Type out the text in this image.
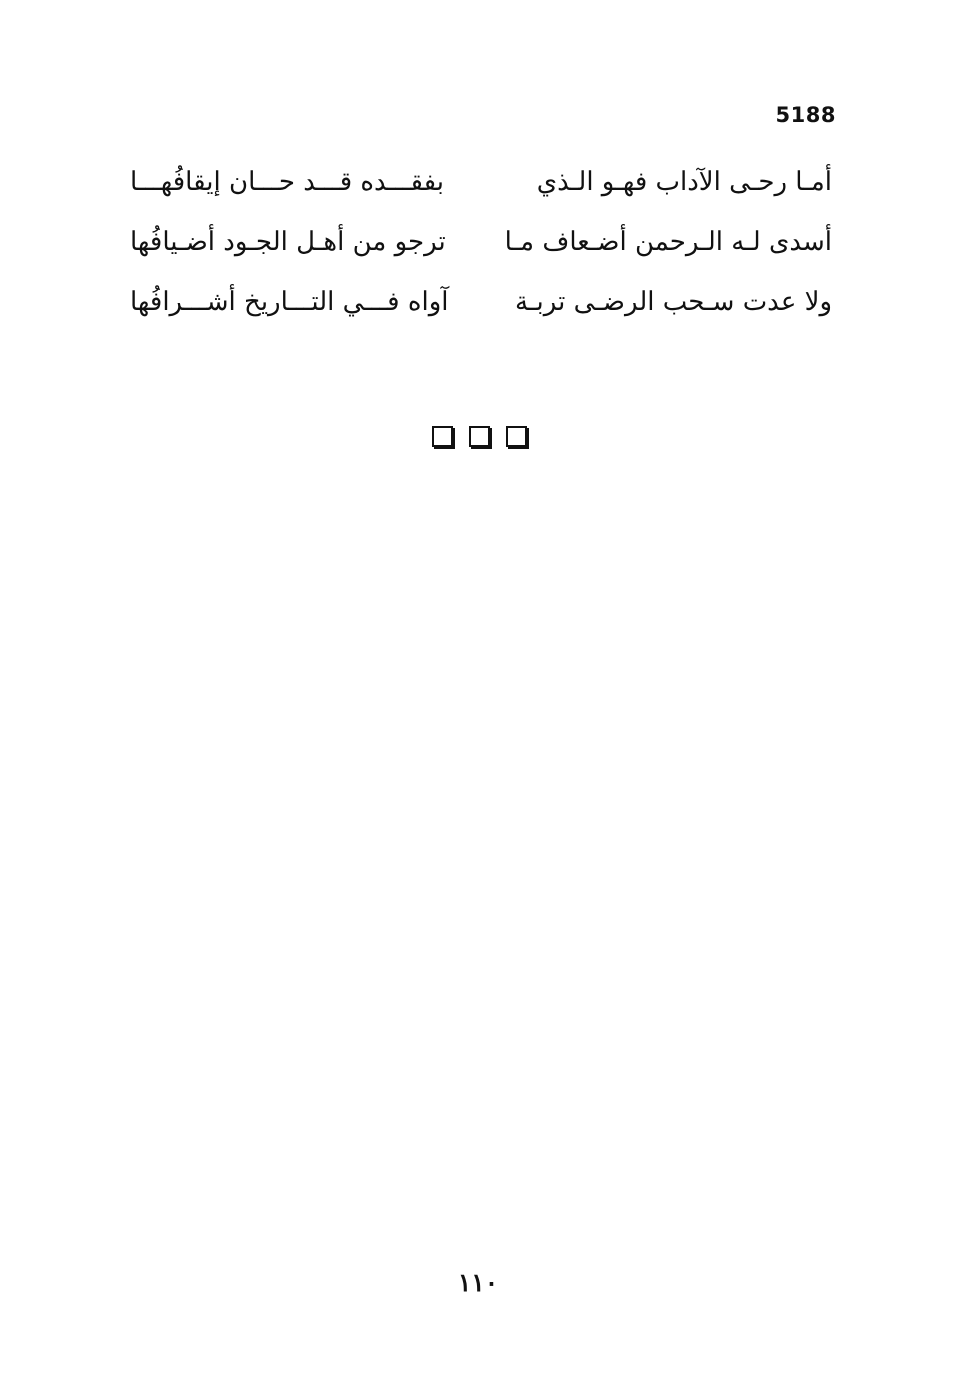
5188
أمـا رحـى الآداب فهـو الـذي
بفقـــده قـــد حـــان إيقافُهـــا
أسدى لـه الـرحمن أضـعاف مـا
ترجو من أهـل الجـود أضـيافُها
ولا عدت سـحب الرضـى تربـة
آواه فـــي التـــاريخ أشـــرافُها
١١٠
